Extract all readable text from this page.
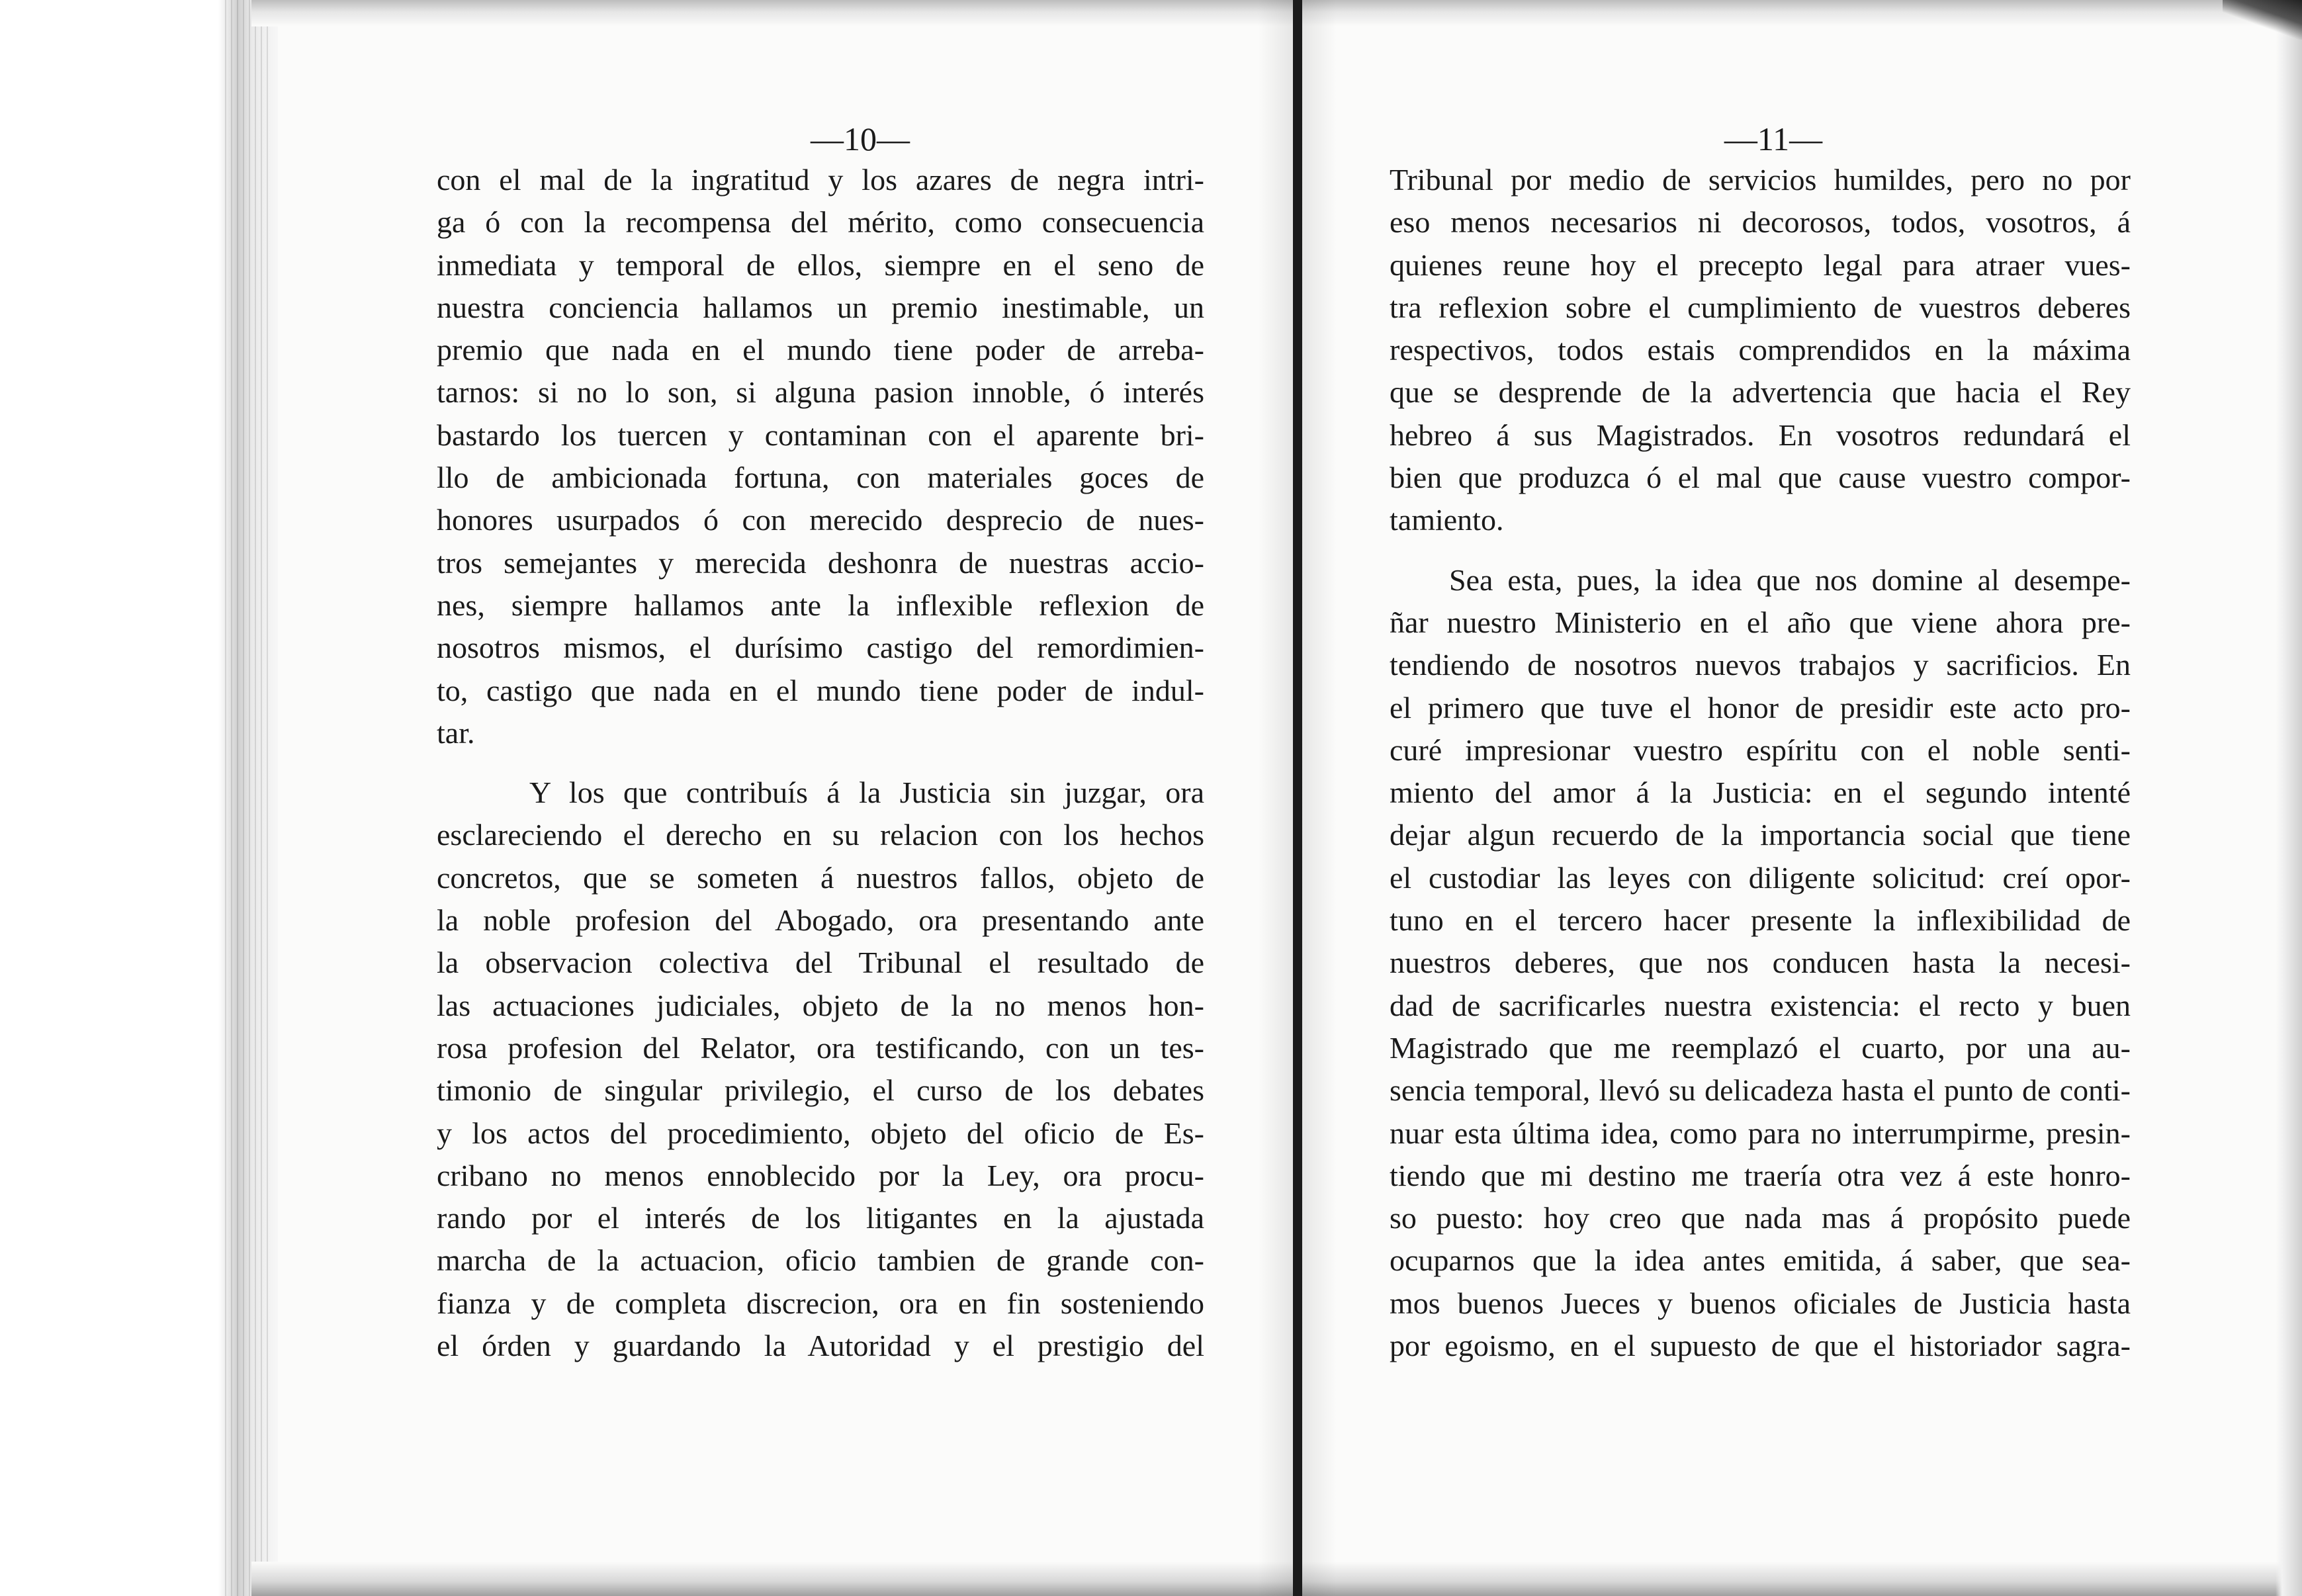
—10—
con el mal de la ingratitud y los azares de negra intri-
ga ó con la recompensa del mérito, como consecuencia
inmediata y temporal de ellos, siempre en el seno de
nuestra conciencia hallamos un premio inestimable, un
premio que nada en el mundo tiene poder de arreba-
tarnos: si no lo son, si alguna pasion innoble, ó interés
bastardo los tuercen y contaminan con el aparente bri-
llo de ambicionada fortuna, con materiales goces de
honores usurpados ó con merecido desprecio de nues-
tros semejantes y merecida deshonra de nuestras accio-
nes, siempre hallamos ante la inflexible reflexion de
nosotros mismos, el durísimo castigo del remordimien-
to, castigo que nada en el mundo tiene poder de indul-
tar.
Y los que contribuís á la Justicia sin juzgar, ora
esclareciendo el derecho en su relacion con los hechos
concretos, que se someten á nuestros fallos, objeto de
la noble profesion del Abogado, ora presentando ante
la observacion colectiva del Tribunal el resultado de
las actuaciones judiciales, objeto de la no menos hon-
rosa profesion del Relator, ora testificando, con un tes-
timonio de singular privilegio, el curso de los debates
y los actos del procedimiento, objeto del oficio de Es-
cribano no menos ennoblecido por la Ley, ora procu-
rando por el interés de los litigantes en la ajustada
marcha de la actuacion, oficio tambien de grande con-
fianza y de completa discrecion, ora en fin sosteniendo
el órden y guardando la Autoridad y el prestigio del
—11—
Tribunal por medio de servicios humildes, pero no por
eso menos necesarios ni decorosos, todos, vosotros, á
quienes reune hoy el precepto legal para atraer vues-
tra reflexion sobre el cumplimiento de vuestros deberes
respectivos, todos estais comprendidos en la máxima
que se desprende de la advertencia que hacia el Rey
hebreo á sus Magistrados. En vosotros redundará el
bien que produzca ó el mal que cause vuestro compor-
tamiento.
Sea esta, pues, la idea que nos domine al desempe-
ñar nuestro Ministerio en el año que viene ahora pre-
tendiendo de nosotros nuevos trabajos y sacrificios. En
el primero que tuve el honor de presidir este acto pro-
curé impresionar vuestro espíritu con el noble senti-
miento del amor á la Justicia: en el segundo intenté
dejar algun recuerdo de la importancia social que tiene
el custodiar las leyes con diligente solicitud: creí opor-
tuno en el tercero hacer presente la inflexibilidad de
nuestros deberes, que nos conducen hasta la necesi-
dad de sacrificarles nuestra existencia: el recto y buen
Magistrado que me reemplazó el cuarto, por una au-
sencia temporal, llevó su delicadeza hasta el punto de conti-
nuar esta última idea, como para no interrumpirme, presin-
tiendo que mi destino me traería otra vez á este honro-
so puesto: hoy creo que nada mas á propósito puede
ocuparnos que la idea antes emitida, á saber, que sea-
mos buenos Jueces y buenos oficiales de Justicia hasta
por egoismo, en el supuesto de que el historiador sagra-
